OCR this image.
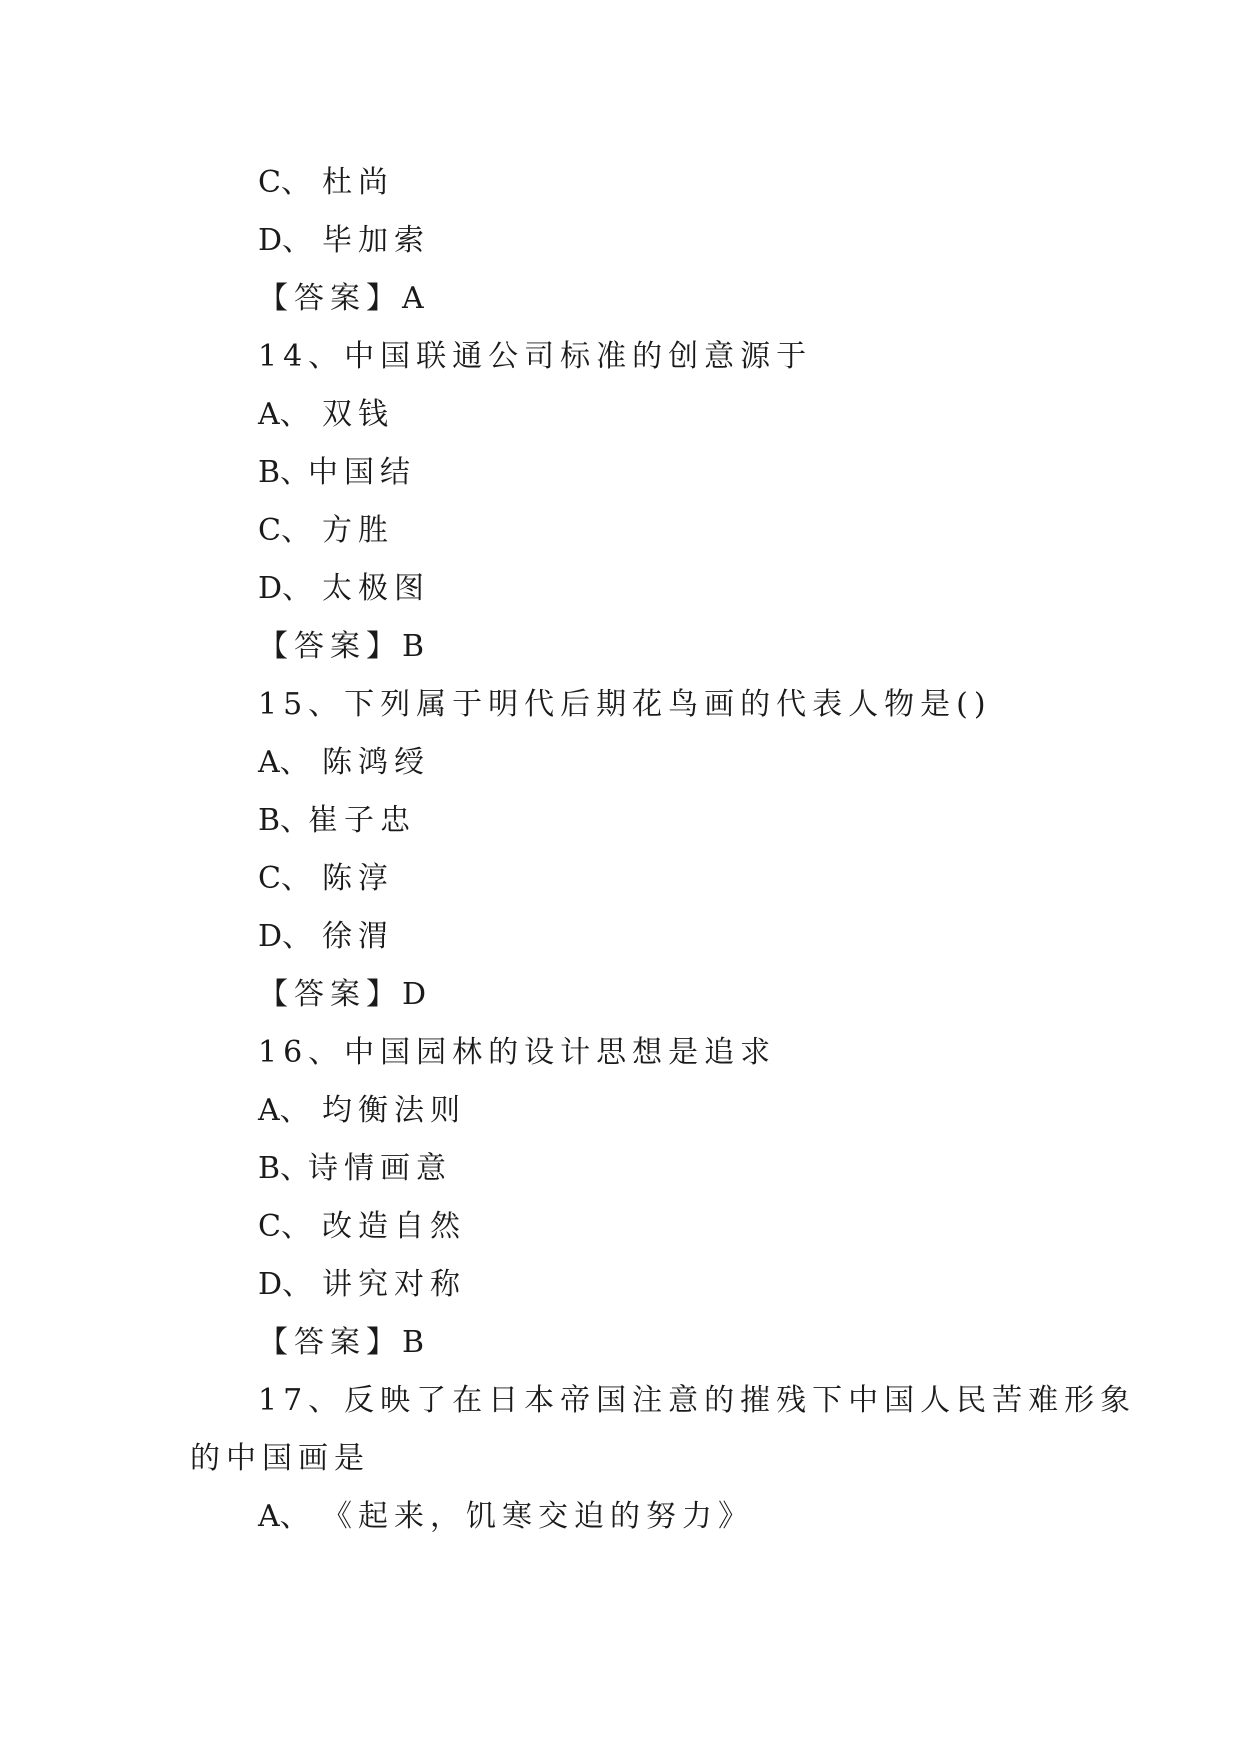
C、 杜尚
D、 毕加索
【答案】A
14、中国联通公司标准的创意源于
A、 双钱
B、中国结
C、 方胜
D、 太极图
【答案】B
15、下列属于明代后期花鸟画的代表人物是()
A、 陈鸿绶
B、崔子忠
C、 陈淳
D、 徐渭
【答案】D
16、中国园林的设计思想是追求
A、 均衡法则
B、诗情画意
C、 改造自然
D、 讲究对称
【答案】B
17、反映了在日本帝国注意的摧残下中国人民苦难形象
的中国画是
A、 《起来，饥寒交迫的努力》
